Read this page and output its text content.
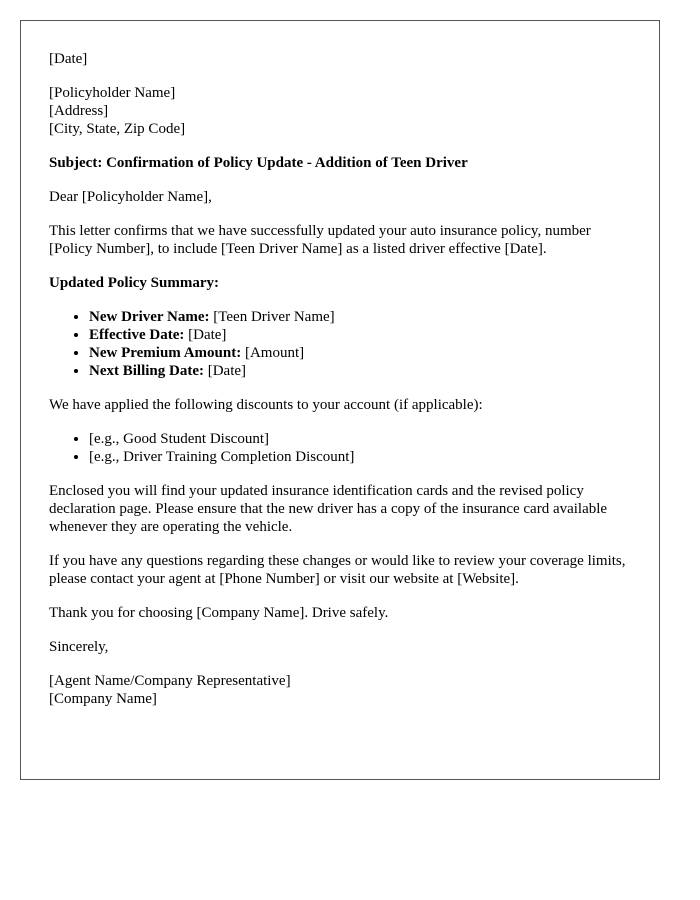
[Date]

[Policyholder Name]
[Address]
[City, State, Zip Code]

Subject: Confirmation of Policy Update - Addition of Teen Driver

Dear [Policyholder Name],

This letter confirms that we have successfully updated your auto insurance policy, number [Policy Number], to include [Teen Driver Name] as a listed driver effective [Date].

Updated Policy Summary:

• New Driver Name: [Teen Driver Name]
• Effective Date: [Date]
• New Premium Amount: [Amount]
• Next Billing Date: [Date]

We have applied the following discounts to your account (if applicable):

• [e.g., Good Student Discount]
• [e.g., Driver Training Completion Discount]

Enclosed you will find your updated insurance identification cards and the revised policy declaration page. Please ensure that the new driver has a copy of the insurance card available whenever they are operating the vehicle.

If you have any questions regarding these changes or would like to review your coverage limits, please contact your agent at [Phone Number] or visit our website at [Website].

Thank you for choosing [Company Name]. Drive safely.

Sincerely,

[Agent Name/Company Representative]
[Company Name]
